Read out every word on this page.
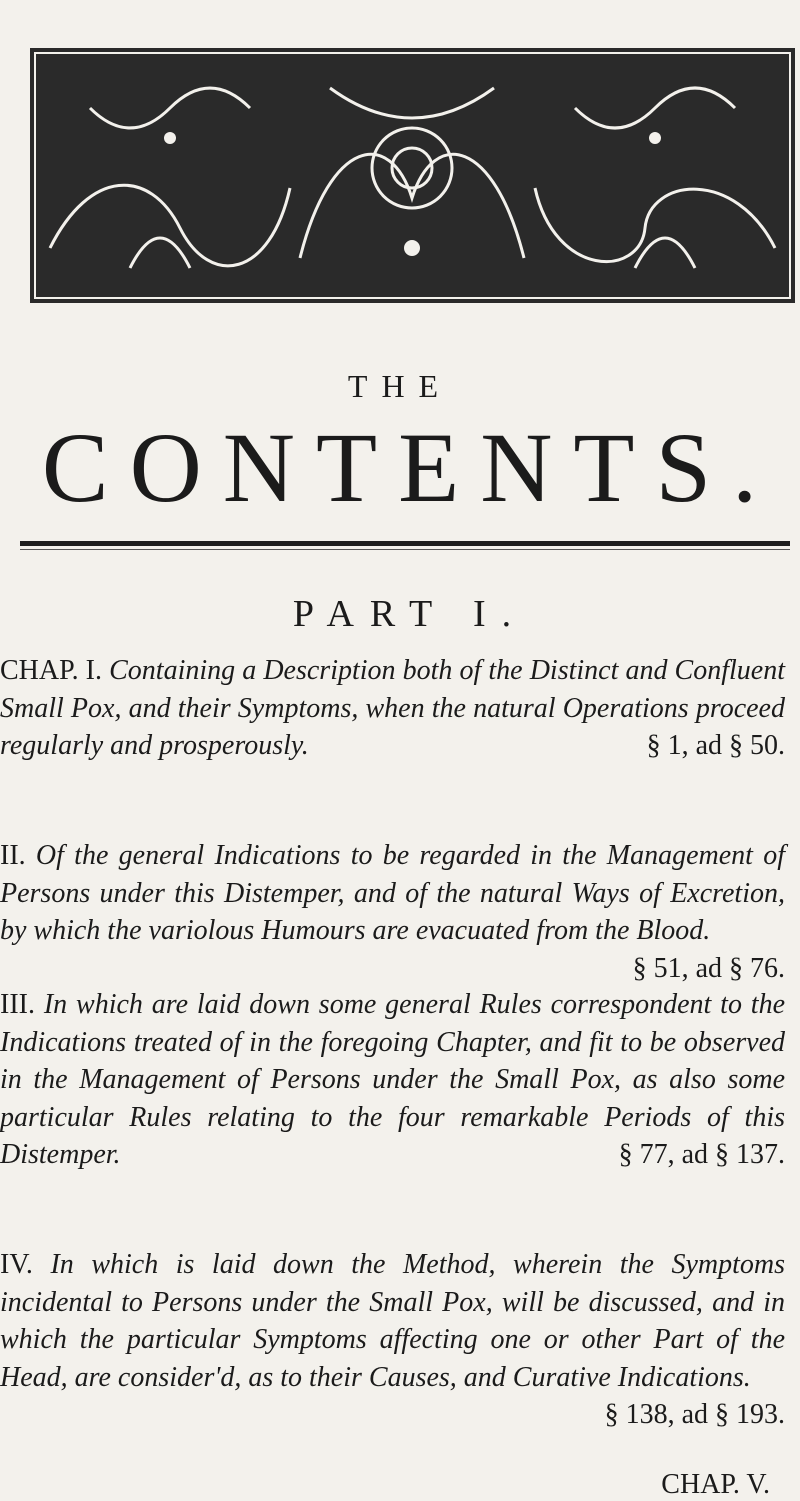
THE
CONTENTS.
PART I.
CHAP. I. Containing a Description both of the Distinct and Confluent Small Pox, and their Symptoms, when the natural Operations proceed regularly and prosperously.	§ 1, ad § 50.
II. Of the general Indications to be regarded in the Management of Persons under this Distemper, and of the natural Ways of Excretion, by which the variolous Humours are evacuated from the Blood.
§ 51, ad § 76.
III. In which are laid down some general Rules correspondent to the Indications treated of in the foregoing Chapter, and fit to be observed in the Management of Persons under the Small Pox, as also some particular Rules relating to the four remarkable Periods of this Distemper.	§ 77, ad § 137.
IV. In which is laid down the Method, wherein the Symptoms incidental to Persons under the Small Pox, will be discussed, and in which the particular Symptoms affecting one or other Part of the Head, are consider'd, as to their Causes, and Curative Indications.
§ 138, ad § 193.
CHAP. V.
